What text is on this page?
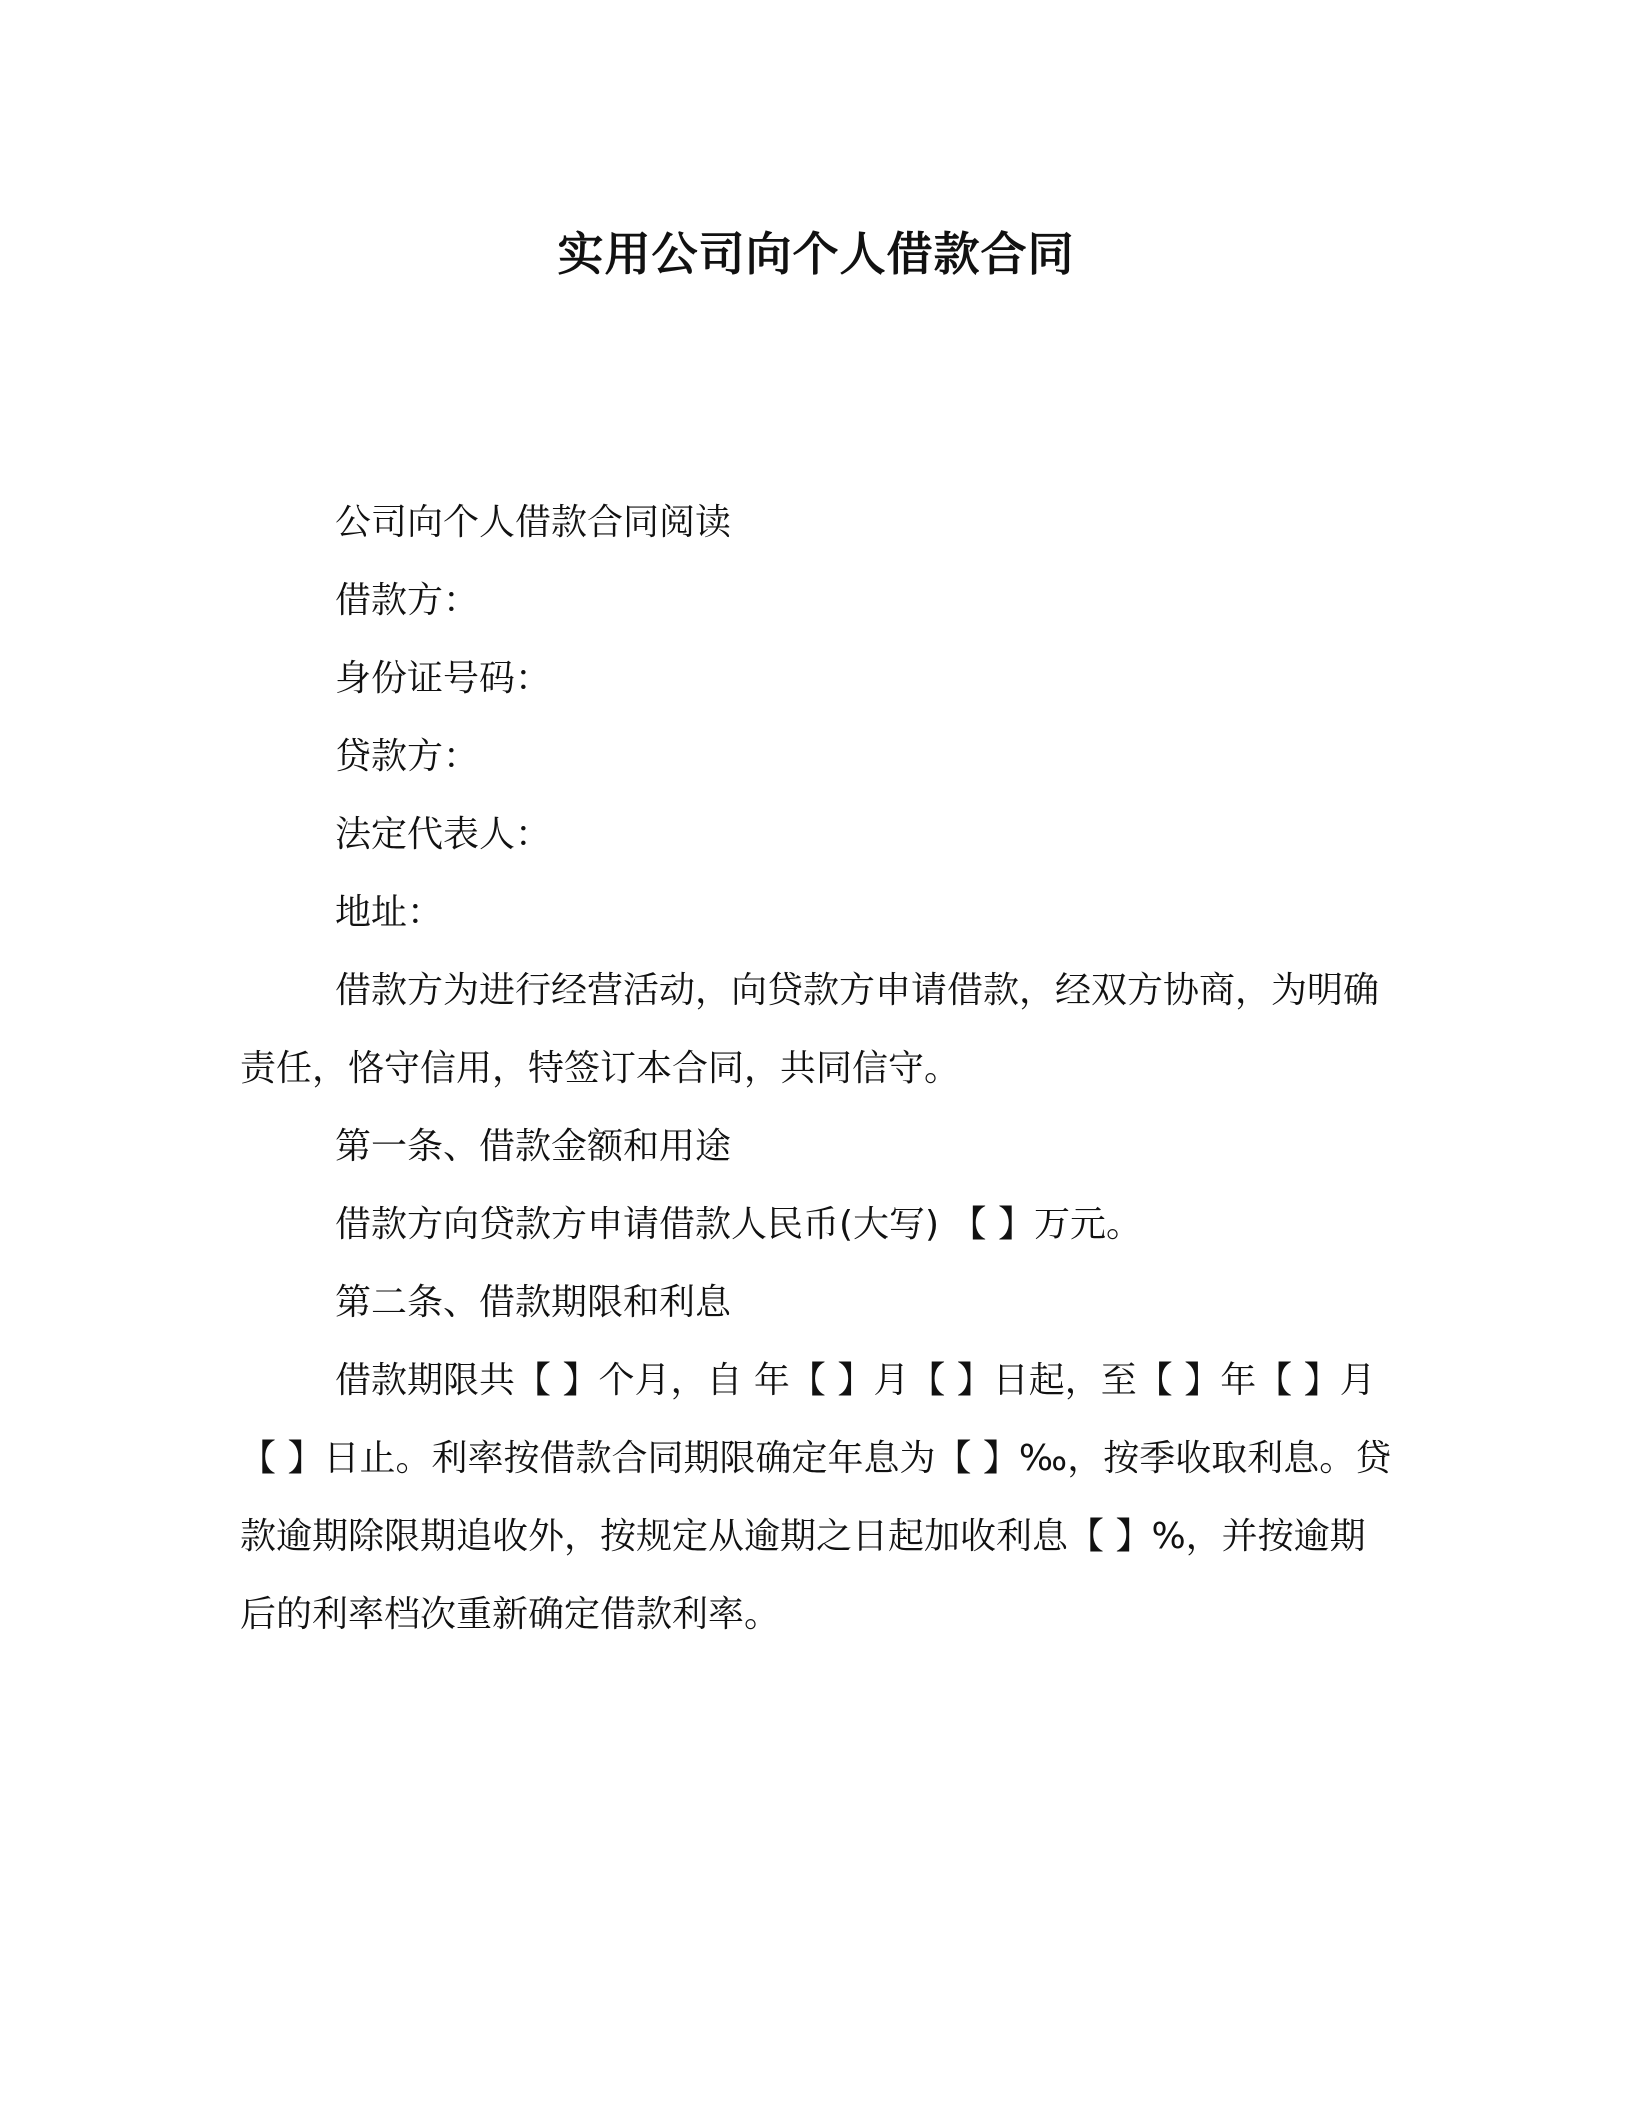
实用公司向个人借款合同

公司向个人借款合同阅读

借款方：

身份证号码：

贷款方：

法定代表人：

地址：

借款方为进行经营活动，向贷款方申请借款，经双方协商，为明确责任，恪守信用，特签订本合同，共同信守。

第一条、借款金额和用途

借款方向贷款方申请借款人民币(大写) 【 】万元。

第二条、借款期限和利息

借款期限共【 】个月，自 年【 】月【 】日起，至【 】年【 】月【 】日止。利率按借款合同期限确定年息为【 】‰，按季收取利息。贷款逾期除限期追收外，按规定从逾期之日起加收利息【 】%，并按逾期后的利率档次重新确定借款利率。
